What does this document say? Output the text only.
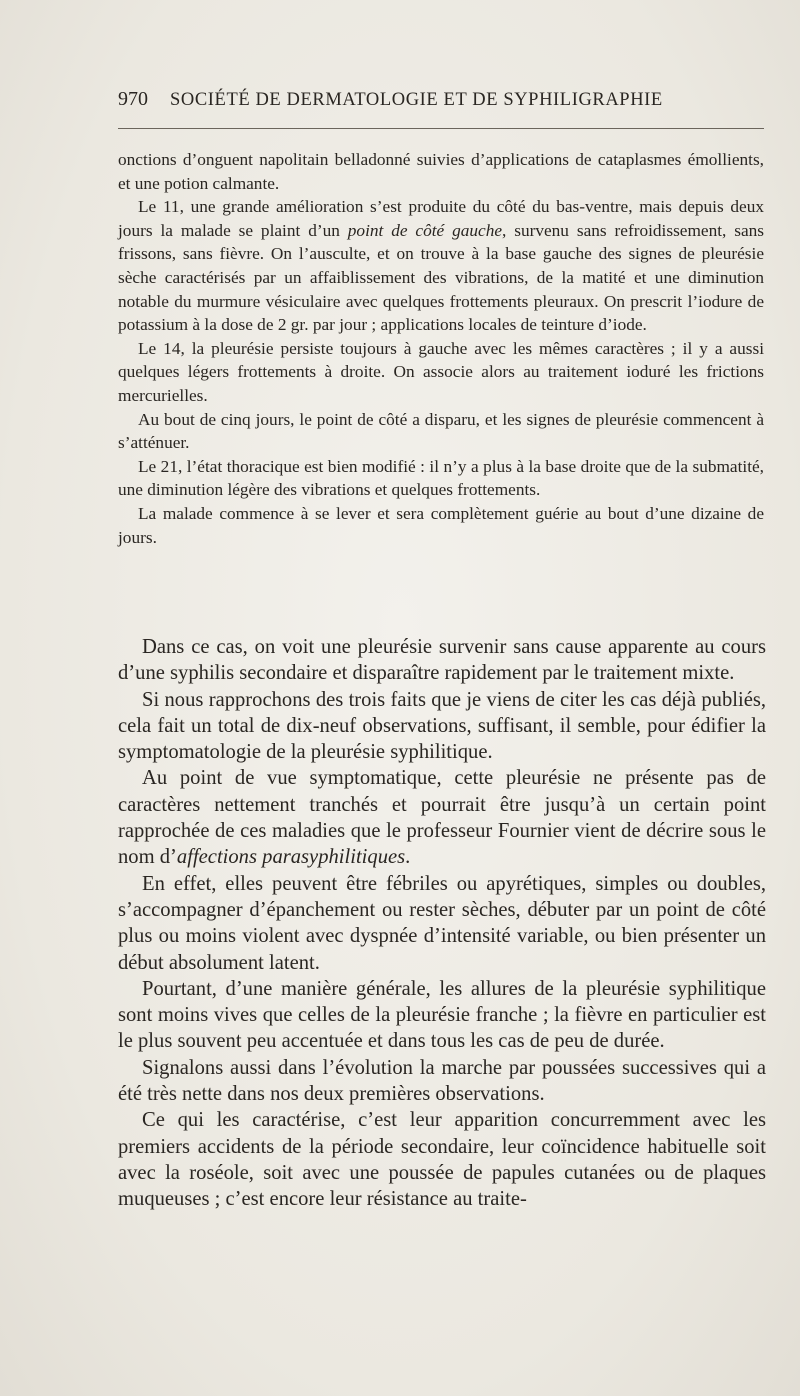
970 SOCIÉTÉ DE DERMATOLOGIE ET DE SYPHILIGRAPHIE

onctions d’onguent napolitain belladonné suivies d’applications de cataplasmes émollients, et une potion calmante.

Le 11, une grande amélioration s’est produite du côté du bas-ventre, mais depuis deux jours la malade se plaint d’un point de côté gauche, survenu sans refroidissement, sans frissons, sans fièvre. On l’ausculte, et on trouve à la base gauche des signes de pleurésie sèche caractérisés par un affaiblissement des vibrations, de la matité et une diminution notable du murmure vésiculaire avec quelques frottements pleuraux. On prescrit l’iodure de potassium à la dose de 2 gr. par jour ; applications locales de teinture d’iode.

Le 14, la pleurésie persiste toujours à gauche avec les mêmes caractères ; il y a aussi quelques légers frottements à droite. On associe alors au traitement ioduré les frictions mercurielles.

Au bout de cinq jours, le point de côté a disparu, et les signes de pleurésie commencent à s’atténuer.

Le 21, l’état thoracique est bien modifié : il n’y a plus à la base droite que de la submatité, une diminution légère des vibrations et quelques frottements.

La malade commence à se lever et sera complètement guérie au bout d’une dizaine de jours.

Dans ce cas, on voit une pleurésie survenir sans cause apparente au cours d’une syphilis secondaire et disparaître rapidement par le traitement mixte.

Si nous rapprochons des trois faits que je viens de citer les cas déjà publiés, cela fait un total de dix-neuf observations, suffisant, il semble, pour édifier la symptomatologie de la pleurésie syphilitique.

Au point de vue symptomatique, cette pleurésie ne présente pas de caractères nettement tranchés et pourrait être jusqu’à un certain point rapprochée de ces maladies que le professeur Fournier vient de décrire sous le nom d’affections parasyphilitiques.

En effet, elles peuvent être fébriles ou apyrétiques, simples ou doubles, s’accompagner d’épanchement ou rester sèches, débuter par un point de côté plus ou moins violent avec dyspnée d’intensité variable, ou bien présenter un début absolument latent.

Pourtant, d’une manière générale, les allures de la pleurésie syphilitique sont moins vives que celles de la pleurésie franche ; la fièvre en particulier est le plus souvent peu accentuée et dans tous les cas de peu de durée.

Signalons aussi dans l’évolution la marche par poussées successives qui a été très nette dans nos deux premières observations.

Ce qui les caractérise, c’est leur apparition concurremment avec les premiers accidents de la période secondaire, leur coïncidence habituelle soit avec la roséole, soit avec une poussée de papules cutanées ou de plaques muqueuses ; c’est encore leur résistance au traite-
